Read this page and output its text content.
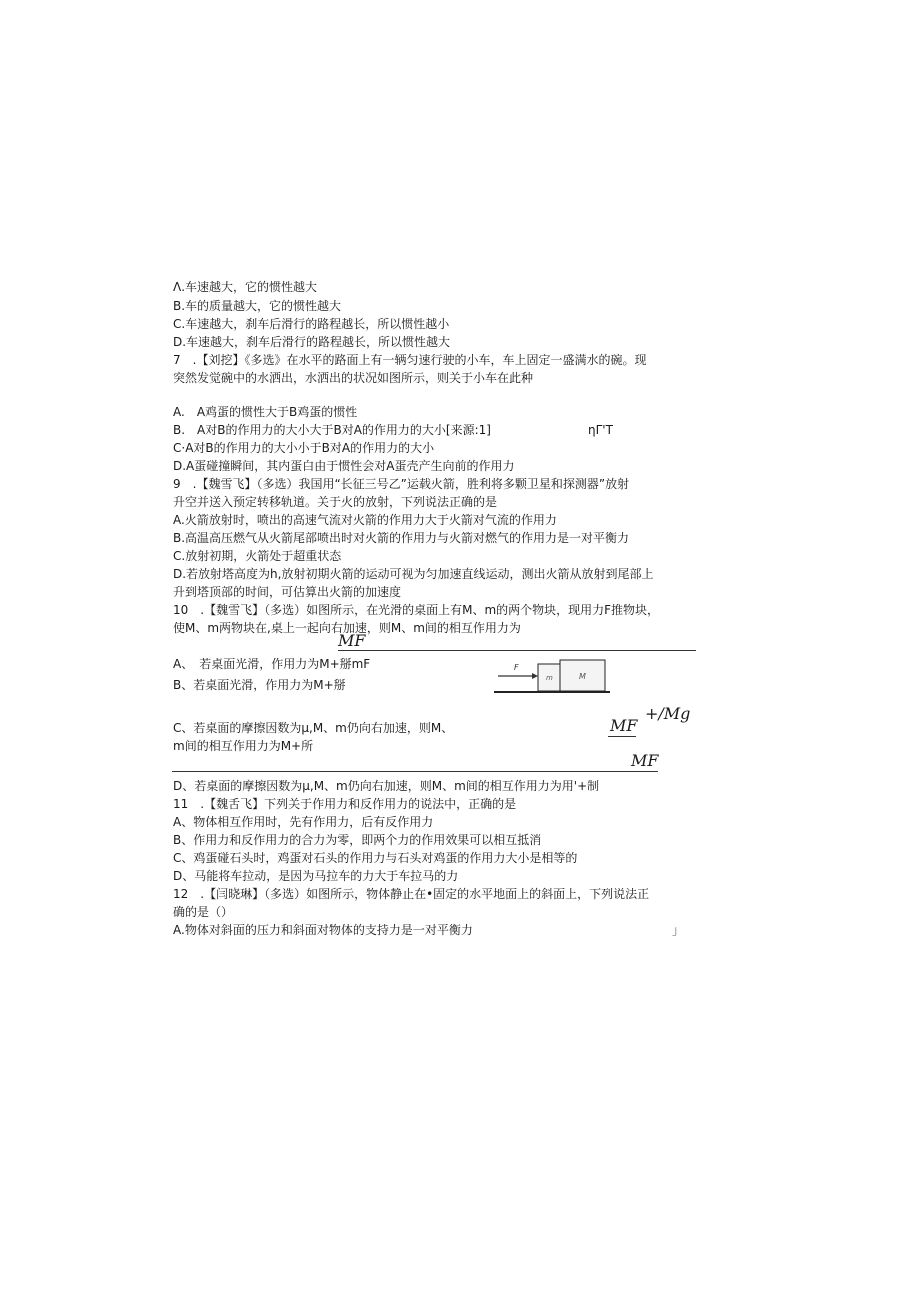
Λ.车速越大，它的惯性越大
B.车的质量越大，它的惯性越大
C.车速越大，刹车后滑行的路程越长，所以惯性越小
D.车速越大，刹车后滑行的路程越长，所以惯性越大
7　.【刘挖】《多选》在水平的路面上有一辆匀速行驶的小车，车上固定一盛满水的碗。现
突然发觉碗中的水洒出，水洒出的状况如图所示，则关于小车在此种
A.　A鸡蛋的惯性大于B鸡蛋的惯性
B.　A对B的作用力的大小大于B对A的作用力的大小[来源:1]	ηΓ'T
C·A对B的作用力的大小小于B对A的作用力的大小
D.A蛋碰撞瞬间，其内蛋白由于惯性会对A蛋壳产生向前的作用力
9　.【魏雪飞】（多选）我国用“长征三号乙”运载火箭，胜利将多颗卫星和探测器”放射
升空并送入预定转移轨道。关于火的放射，下列说法正确的是
A.火箭放射时，喷出的高速气流对火箭的作用力大于火箭对气流的作用力
B.高温高压燃气从火箭尾部喷出时对火箭的作用力与火箭对燃气的作用力是一对平衡力
C.放射初期，火箭处于超重状态
D.若放射塔高度为h,放射初期火箭的运动可视为匀加速直线运动，测出火箭从放射到尾部上
升到塔顶部的时间，可估算出火箭的加速度
10　.【魏雪飞】（多选）如图所示，在光滑的桌面上有M、m的两个物块，现用力F推物块，
使M、m两物块在,桌上一起向右加速，则M、m间的相互作用力为
MF
A、　若桌面光滑，作用力为M+掰mF
B、若桌面光滑，作用力为M+掰
F
m	M
+/Mg
MF
C、若桌面的摩擦因数为μ,M、m仍向右加速，则M、
m间的相互作用力为M+所
MF
D、若桌面的摩擦因数为μ,M、m仍向右加速，则M、m间的相互作用力为用'+制
11　.【魏舌飞】下列关于作用力和反作用力的说法中，正确的是
A、物体相互作用时，先有作用力，后有反作用力
B、作用力和反作用力的合力为零，即两个力的作用效果可以相互抵消
C、鸡蛋碰石头时，鸡蛋对石头的作用力与石头对鸡蛋的作用力大小是相等的
D、马能将车拉动，是因为马拉车的力大于车拉马的力
12　.【闫晓琳】（多选）如图所示，物体静止在•固定的水平地面上的斜面上，下列说法正
确的是（）
A.物体对斜面的压力和斜面对物体的支持力是一对平衡力	」
